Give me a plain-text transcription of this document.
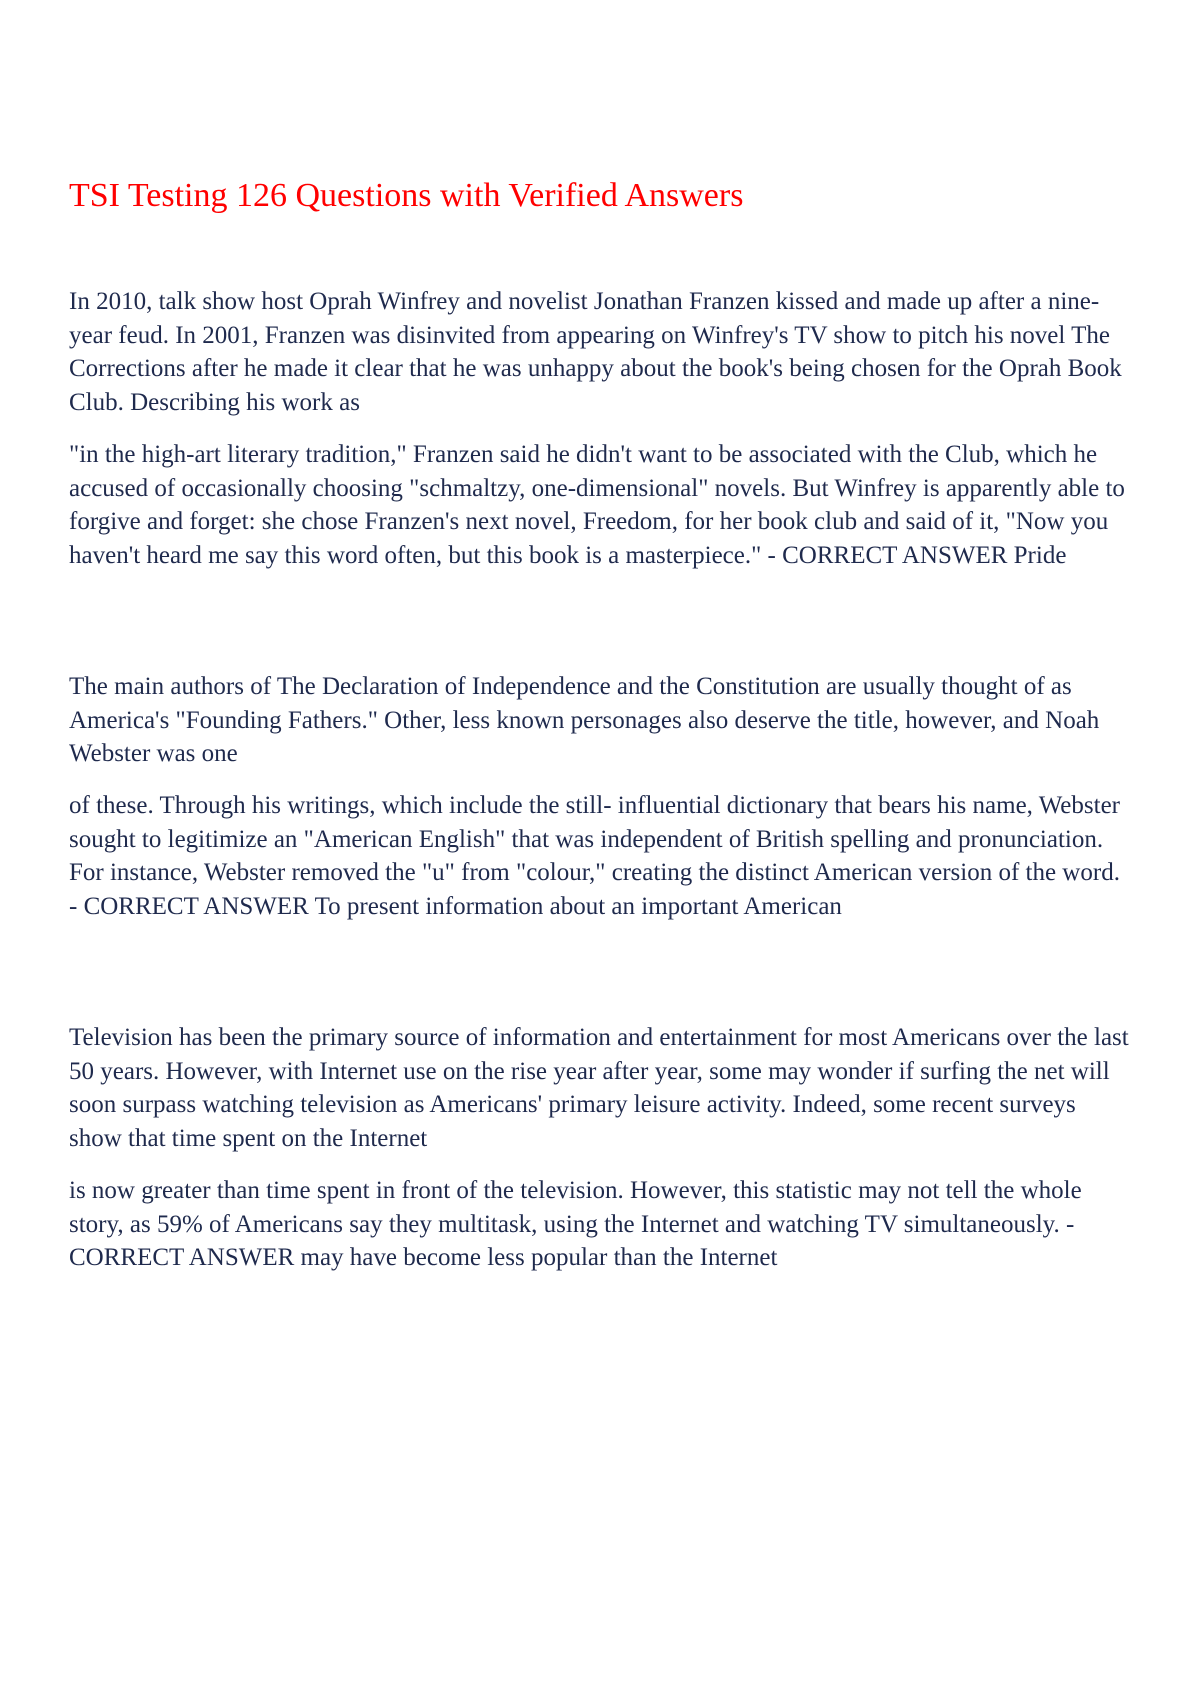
TSI Testing 126 Questions with Verified Answers

In 2010, talk show host Oprah Winfrey and novelist Jonathan Franzen kissed and made up after a nine-year feud. In 2001, Franzen was disinvited from appearing on Winfrey's TV show to pitch his novel The Corrections after he made it clear that he was unhappy about the book's being chosen for the Oprah Book Club. Describing his work as

"in the high-art literary tradition," Franzen said he didn't want to be associated with the Club, which he accused of occasionally choosing "schmaltzy, one-dimensional" novels. But Winfrey is apparently able to forgive and forget: she chose Franzen's next novel, Freedom, for her book club and said of it, "Now you haven't heard me say this word often, but this book is a masterpiece." - CORRECT ANSWER Pride

The main authors of The Declaration of Independence and the Constitution are usually thought of as America's "Founding Fathers." Other, less known personages also deserve the title, however, and Noah Webster was one

of these. Through his writings, which include the still- influential dictionary that bears his name, Webster sought to legitimize an "American English" that was independent of British spelling and pronunciation. For instance, Webster removed the "u" from "colour," creating the distinct American version of the word. - CORRECT ANSWER To present information about an important American

Television has been the primary source of information and entertainment for most Americans over the last 50 years. However, with Internet use on the rise year after year, some may wonder if surfing the net will soon surpass watching television as Americans' primary leisure activity. Indeed, some recent surveys show that time spent on the Internet

is now greater than time spent in front of the television. However, this statistic may not tell the whole story, as 59% of Americans say they multitask, using the Internet and watching TV simultaneously. - CORRECT ANSWER may have become less popular than the Internet
